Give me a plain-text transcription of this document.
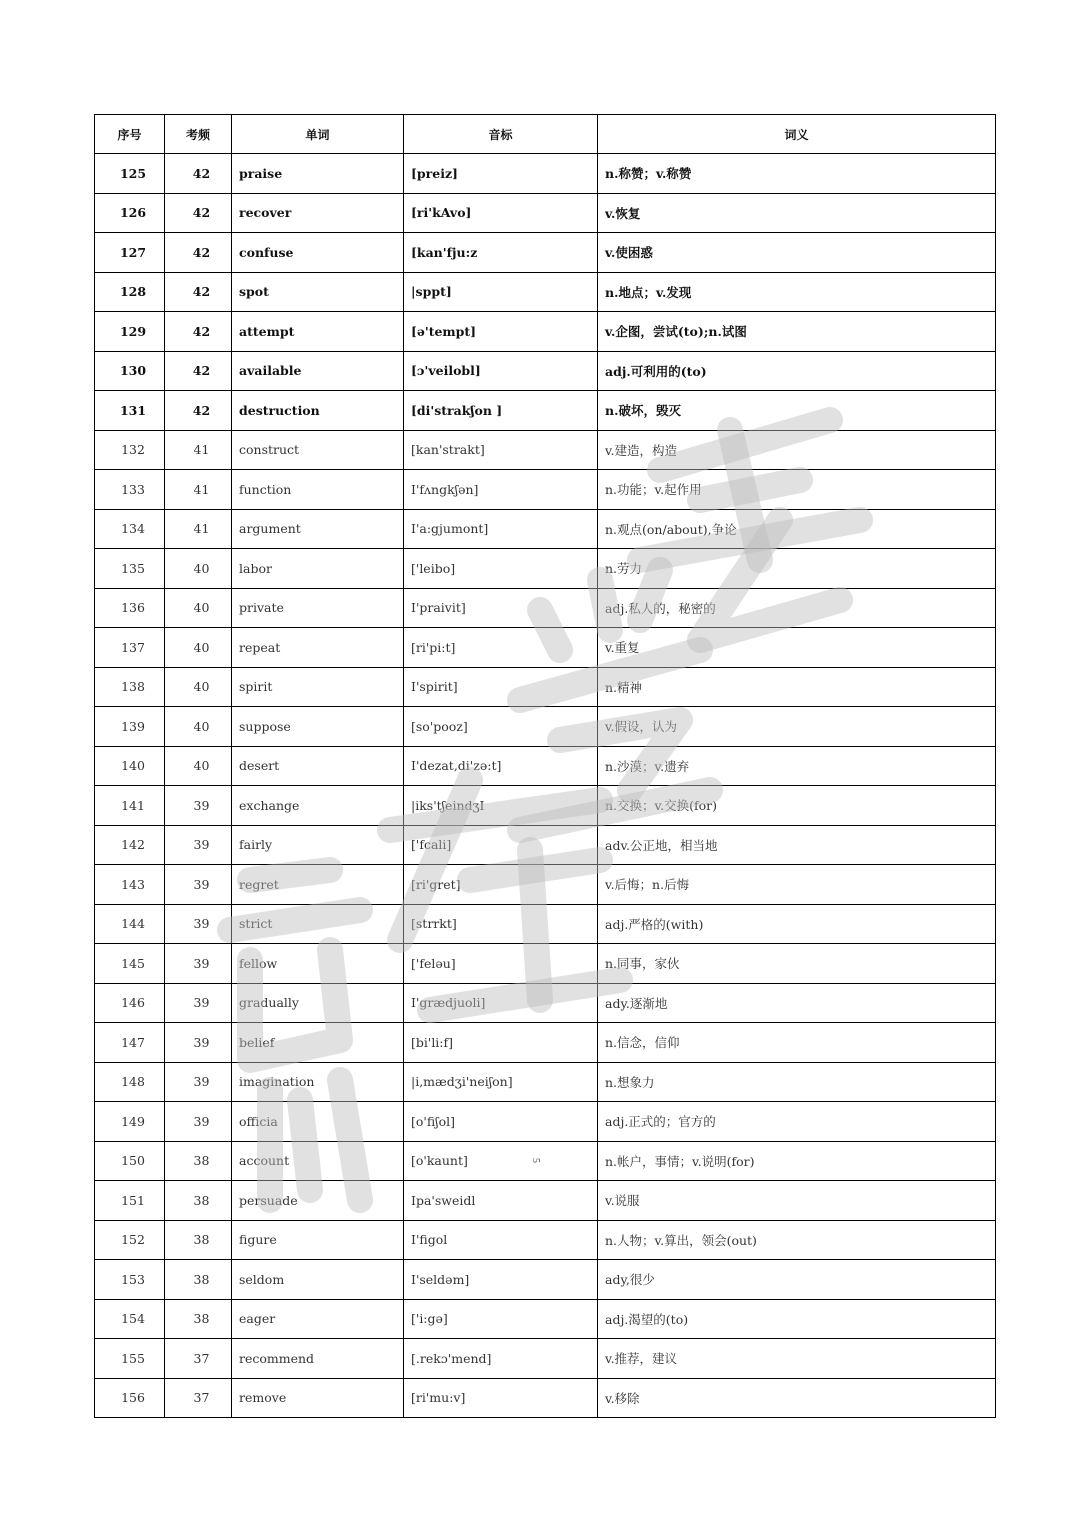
序号	考频	单词	音标	词义
125	42	praise	[preiz]	n.称赞；v.称赞
126	42	recover	[ri'kAvo]	v.恢复
127	42	confuse	[kan'fju:z	v.使困惑
128	42	spot	|sppt]	n.地点；v.发现
129	42	attempt	[ə'tempt]	v.企图，尝试(to);n.试图
130	42	available	[ɔ'veilobl]	adj.可利用的(to)
131	42	destruction	[di'strakʃon ]	n.破坏，毁灭
132	41	construct	[kan'strakt]	v.建造，构造
133	41	function	I'fʌngkʃən]	n.功能；v.起作用
134	41	argument	I'a:gjumont]	n.观点(on/about),争论
135	40	labor	['leibo]	n.劳力
136	40	private	I'praivit]	adj.私人的，秘密的
137	40	repeat	[ri'pi:t]	v.重复
138	40	spirit	I'spirit]	n.精神
139	40	suppose	[so'pooz]	v.假设，认为
140	40	desert	I'dezat,di'zə:t]	n.沙漠；v.遗弃
141	39	exchange	|iks'tʃeindʒI	n.交换；v.交换(for)
142	39	fairly	['fcali]	adv.公正地，相当地
143	39	regret	[ri'gret]	v.后悔；n.后悔
144	39	strict	[strrkt]	adj.严格的(with)
145	39	fellow	['feləu]	n.同事，家伙
146	39	gradually	I'grædjuoli]	ady.逐渐地
147	39	belief	[bi'li:f]	n.信念，信仰
148	39	imagination	|i,mædʒi'neiʃon]	n.想象力
149	39	officia	[o'fiʃol]	adj.正式的；官方的
150	38	account	[o'kaunt]	n.帐户，事情；v.说明(for)
151	38	persuade	Ipa'sweidl	v.说服
152	38	figure	I'figol	n.人物；v.算出，领会(out)
153	38	seldom	I'seldəm]	ady,很少
154	38	eager	['i:gə]	adj.渴望的(to)
155	37	recommend	[.rekɔ'mend]	v.推荐，建议
156	37	remove	[ri'mu:v]	v.移除
5
